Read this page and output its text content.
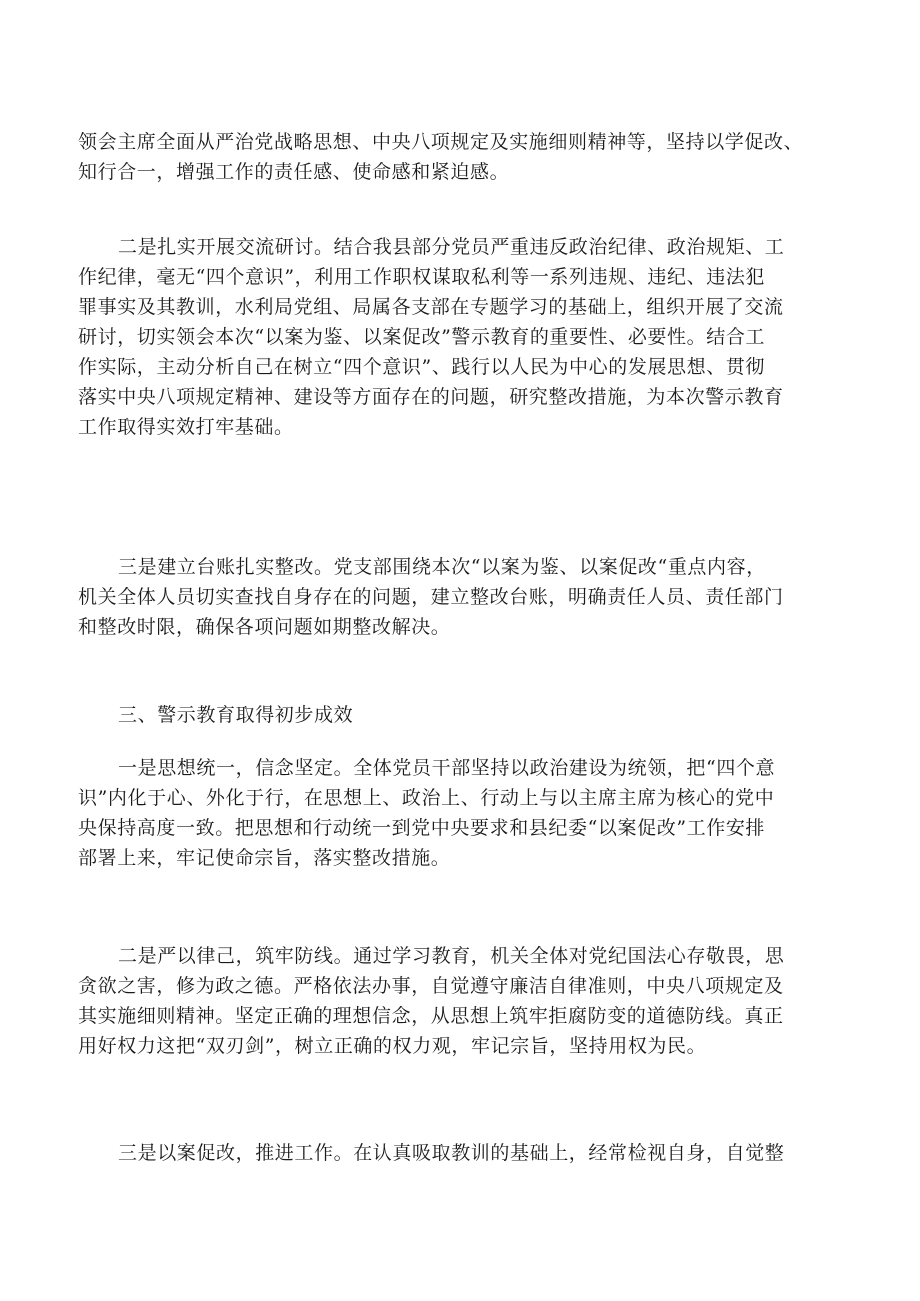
领会主席全面从严治党战略思想、中央八项规定及实施细则精神等，坚持以学促改、
知行合一，增强工作的责任感、使命感和紧迫感。
二是扎实开展交流研讨。结合我县部分党员严重违反政治纪律、政治规矩、工
作纪律，毫无“四个意识”，利用工作职权谋取私利等一系列违规、违纪、违法犯
罪事实及其教训，水利局党组、局属各支部在专题学习的基础上，组织开展了交流
研讨，切实领会本次“以案为鉴、以案促改”警示教育的重要性、必要性。结合工
作实际，主动分析自己在树立“四个意识”、践行以人民为中心的发展思想、贯彻
落实中央八项规定精神、建设等方面存在的问题，研究整改措施，为本次警示教育
工作取得实效打牢基础。
三是建立台账扎实整改。党支部围绕本次“以案为鉴、以案促改“重点内容，
机关全体人员切实查找自身存在的问题，建立整改台账，明确责任人员、责任部门
和整改时限，确保各项问题如期整改解决。
三、警示教育取得初步成效
一是思想统一，信念坚定。全体党员干部坚持以政治建设为统领，把“四个意
识”内化于心、外化于行，在思想上、政治上、行动上与以主席主席为核心的党中
央保持高度一致。把思想和行动统一到党中央要求和县纪委“以案促改”工作安排
部署上来，牢记使命宗旨，落实整改措施。
二是严以律己，筑牢防线。通过学习教育，机关全体对党纪国法心存敬畏，思
贪欲之害，修为政之德。严格依法办事，自觉遵守廉洁自律准则，中央八项规定及
其实施细则精神。坚定正确的理想信念，从思想上筑牢拒腐防变的道德防线。真正
用好权力这把“双刃剑”，树立正确的权力观，牢记宗旨，坚持用权为民。
三是以案促改，推进工作。在认真吸取教训的基础上，经常检视自身，自觉整
